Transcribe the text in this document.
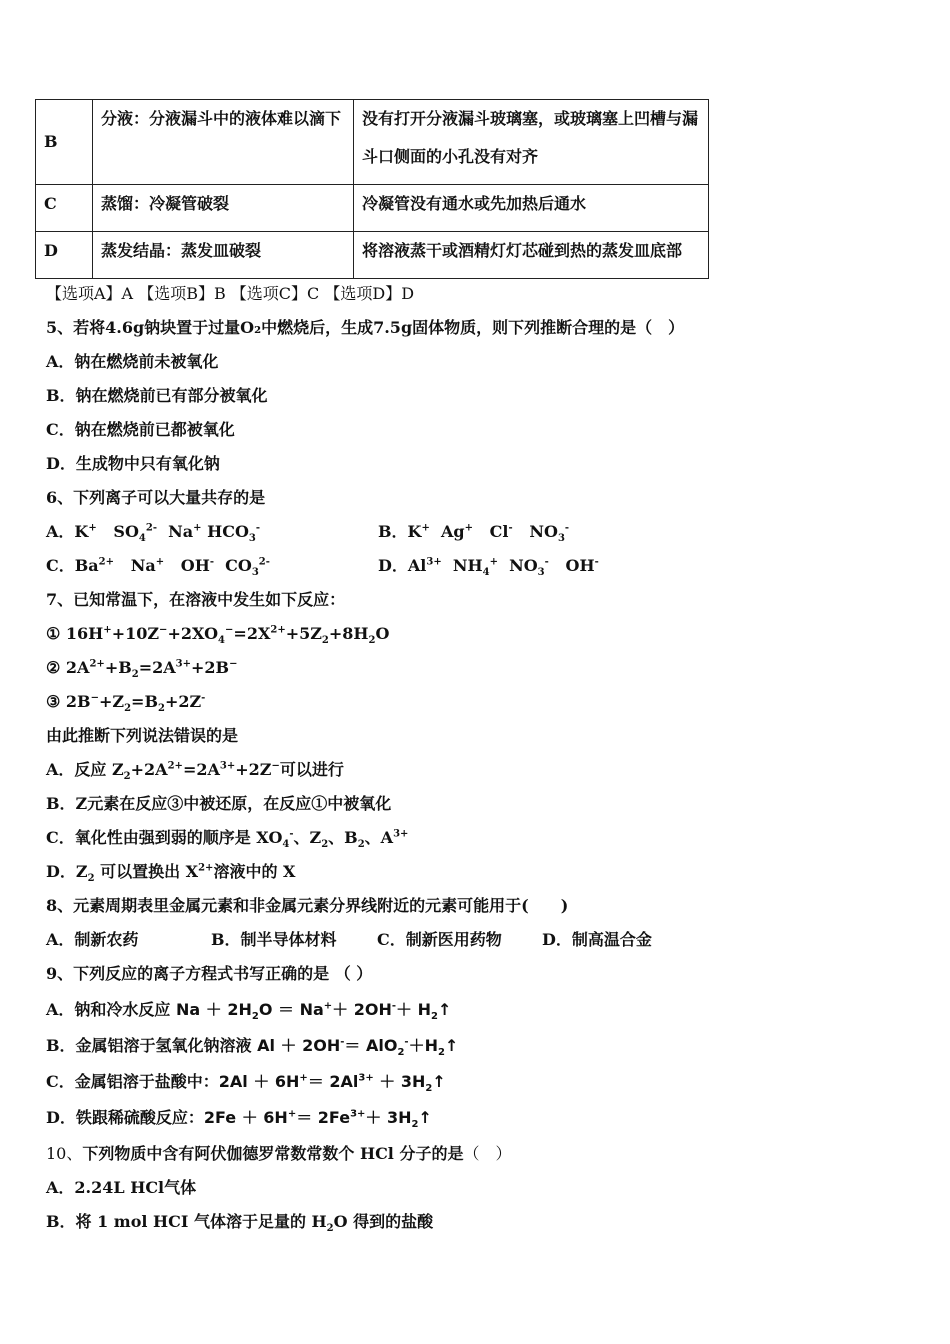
B	分液：分液漏斗中的液体难以滴下	没有打开分液漏斗玻璃塞，或玻璃塞上凹槽与漏斗口侧面的小孔没有对齐
C	蒸馏：冷凝管破裂	冷凝管没有通水或先加热后通水
D	蒸发结晶：蒸发皿破裂	将溶液蒸干或酒精灯灯芯碰到热的蒸发皿底部
【选项A】A 【选项B】B 【选项C】C 【选项D】D
5、若将4.6g钠块置于过量O₂中燃烧后，生成7.5g固体物质，则下列推断合理的是（　）
A．钠在燃烧前未被氧化
B．钠在燃烧前已有部分被氧化
C．钠在燃烧前已都被氧化
D．生成物中只有氧化钠
6、下列离子可以大量共存的是
A．K+   $SO_4^{2-}$  Na+ $HCO_3^-$	B．K+  Ag+   Cl-   $NO_3^-$
C．$Ba^{2+}$   Na+   OH-  $CO_3^{2-}$	D．$Al^{3+}$  $NH_4^+$  $NO_3^-$   OH-
7、已知常温下，在溶液中发生如下反应：
① $16H^++10Z^-+2XO_4^-=2X^{2+}+5Z_2+8H_2O$
② $2A^{2+}+B_2=2A^{3+}+2B^-$
③ $2B^-+Z_2=B_2+2Z^-$
由此推断下列说法错误的是
A．反应 $Z_2+2A^{2+}=2A^{3+}+2Z^-$可以进行
B．Z元素在反应③中被还原，在反应①中被氧化
C．氧化性由强到弱的顺序是 $XO_4^-$、$Z_2$、$B_2$、$A^{3+}$
D．$Z_2$ 可以置换出 $X^{2+}$溶液中的 X
8、元素周期表里金属元素和非金属元素分界线附近的元素可能用于(　　)
A．制新农药	B．制半导体材料	C．制新医用药物	D．制高温合金
9、下列反应的离子方程式书写正确的是 （ ）
A．钠和冷水反应 $Na + 2H_2O = Na^++ 2OH^-+$ $H_2↑$
B．金属铝溶于氢氧化钠溶液 $Al + 2OH^-= AlO_2^-+H_2↑$
C．金属铝溶于盐酸中：$2Al + 6H^+= 2Al^{3+}$ ＋ $3H_2↑$
D．铁跟稀硫酸反应：$2Fe + 6H^+= 2Fe^{3+}+$ $3H_2↑$
10、下列物质中含有阿伏伽德罗常数常数个 HCl 分子的是（　）
A．2.24L HCl气体
B．将 1 mol HCI 气体溶于足量的 $H_2O$ 得到的盐酸
